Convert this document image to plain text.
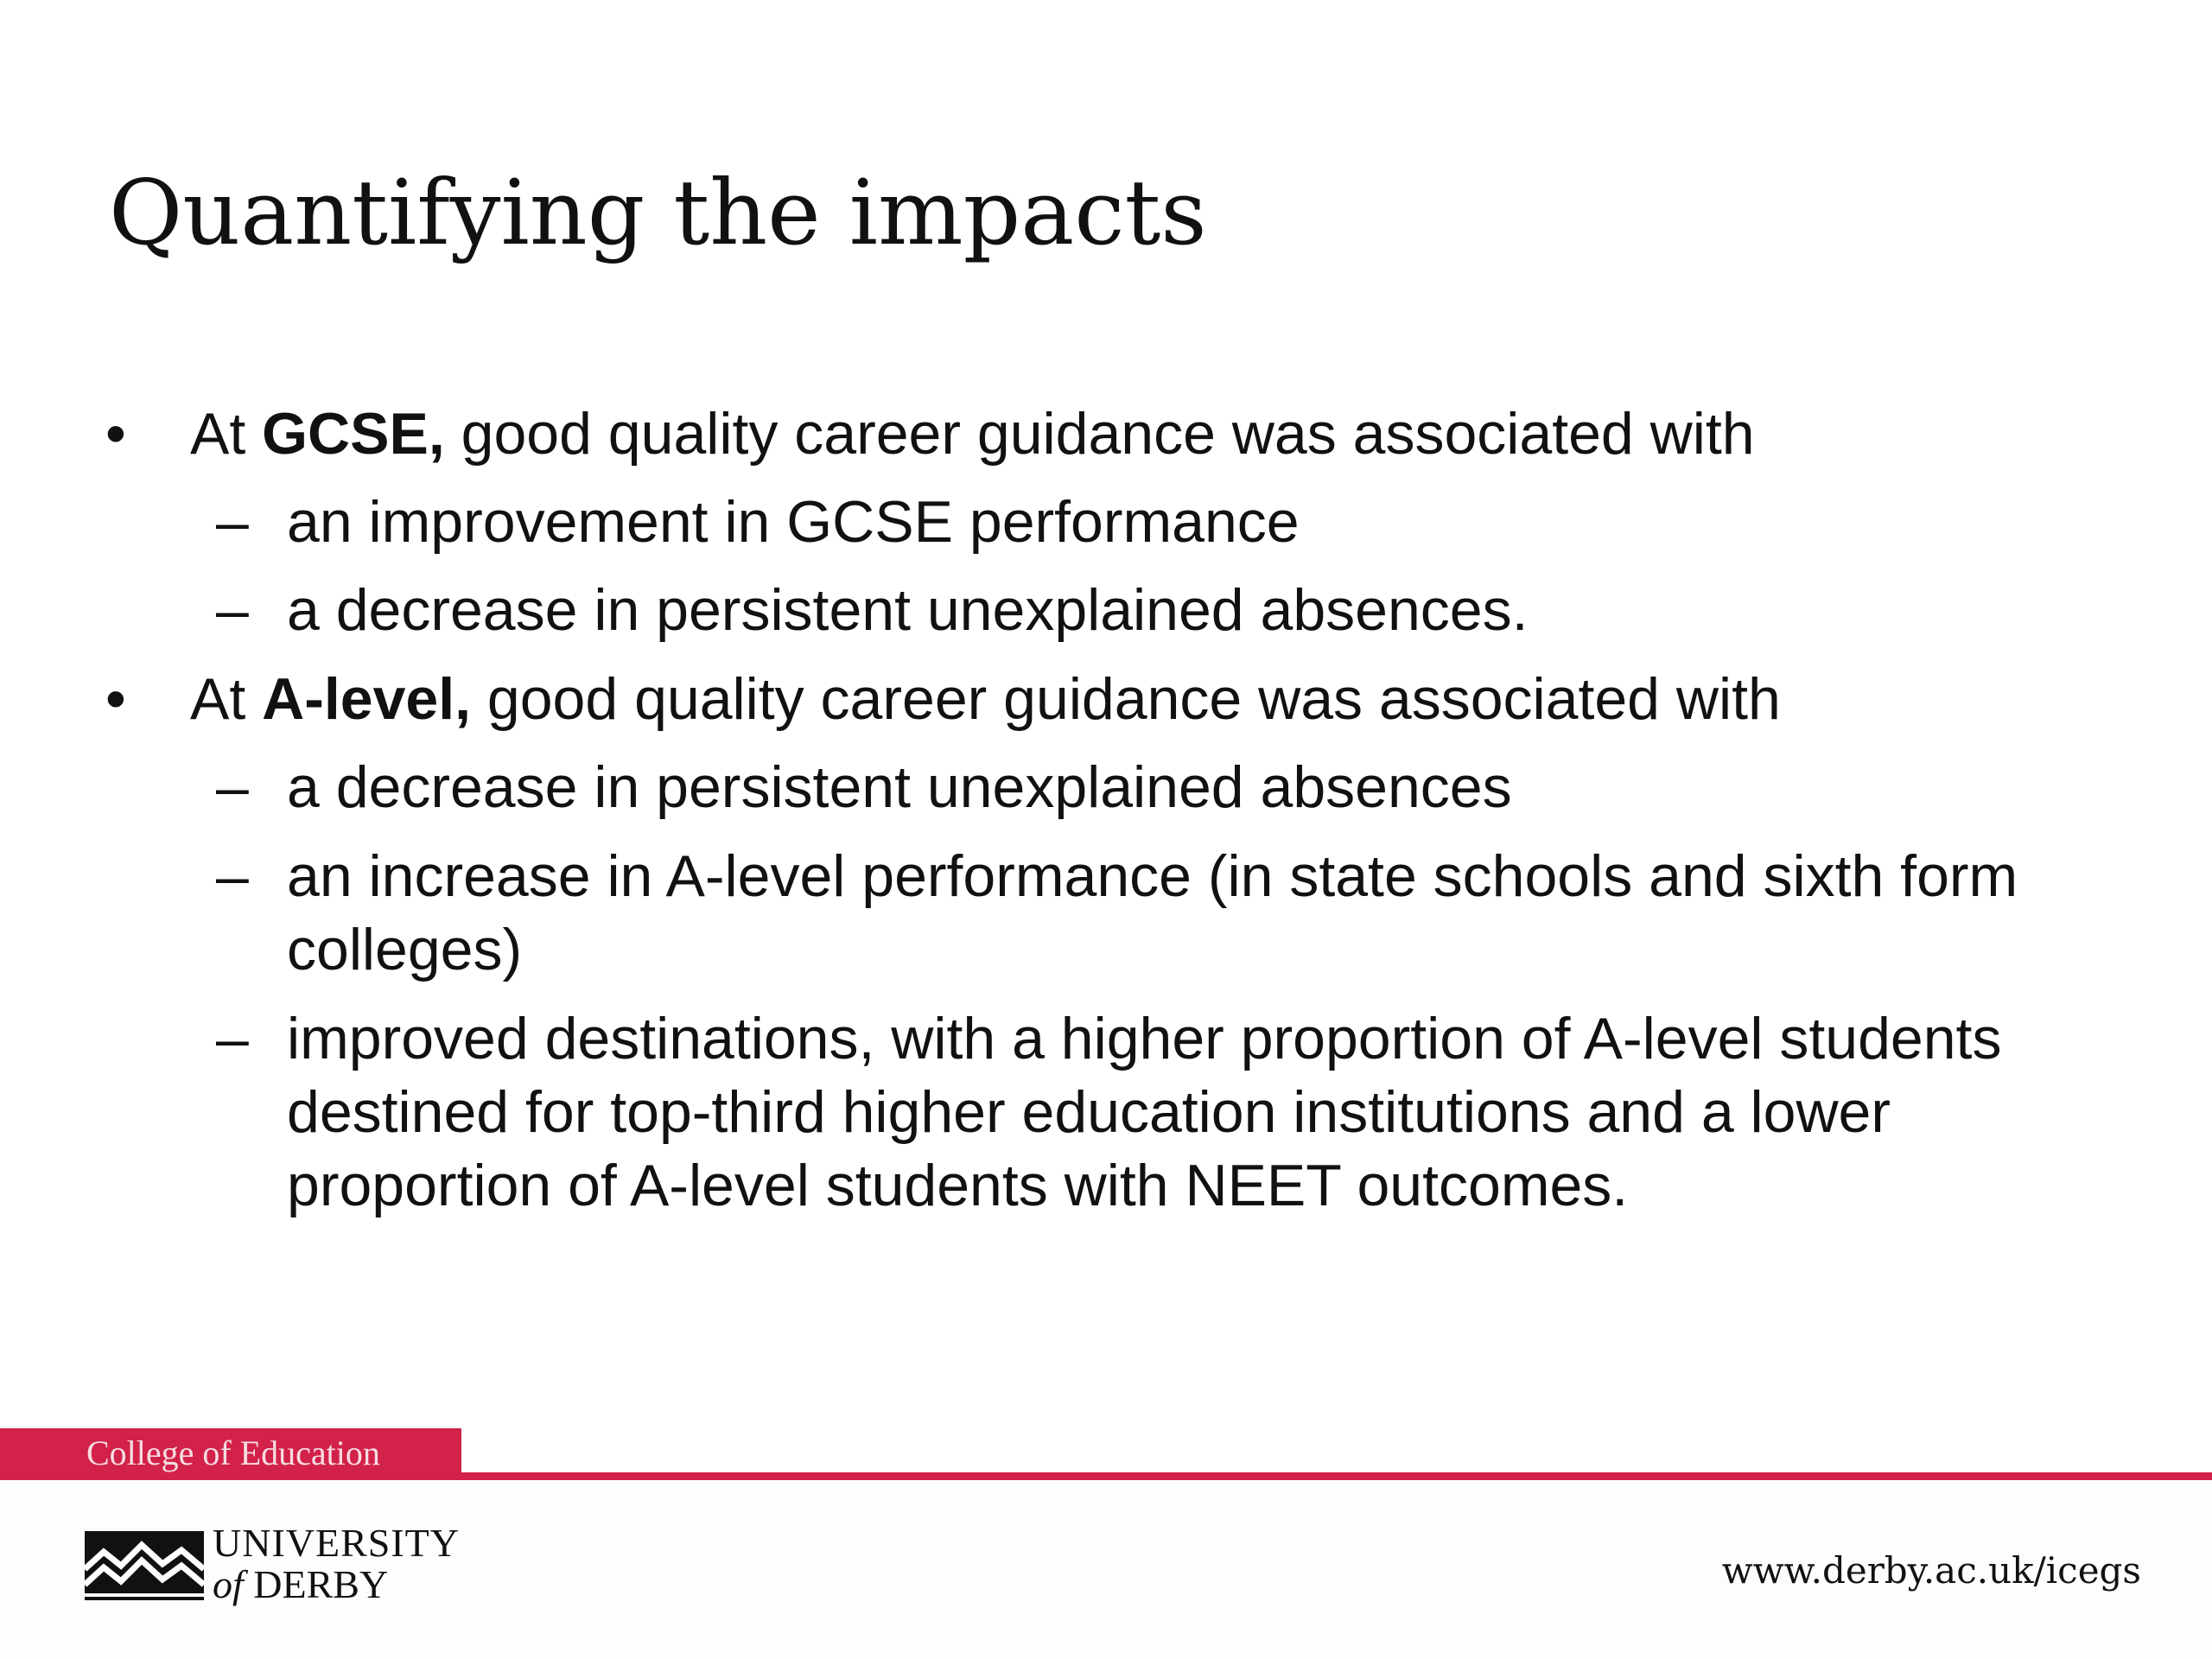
Quantifying the impacts
• At GCSE, good quality career guidance was associated with
– an improvement in GCSE performance
– a decrease in persistent unexplained absences.
• At A-level, good quality career guidance was associated with
– a decrease in persistent unexplained absences
– an increase in A-level performance (in state schools and sixth form colleges)
– improved destinations, with a higher proportion of A-level students destined for top-third higher education institutions and a lower proportion of A-level students with NEET outcomes.
College of Education
UNIVERSITY
of DERBY	www.derby.ac.uk/icegs
